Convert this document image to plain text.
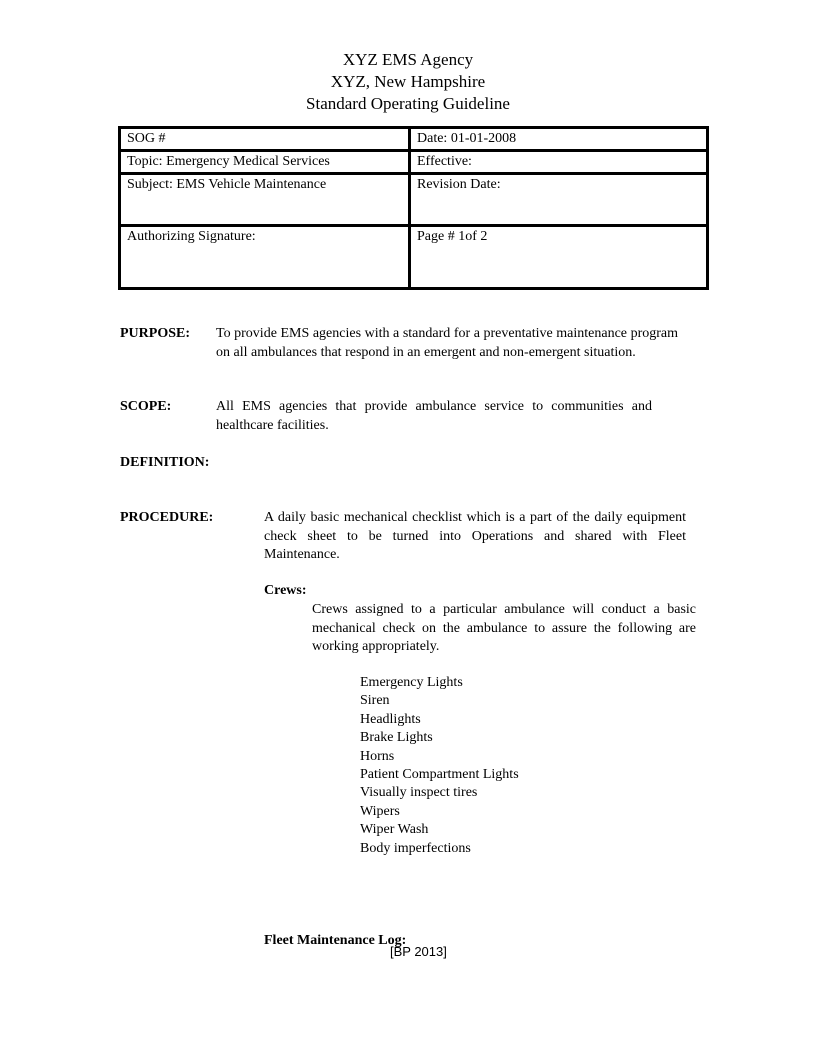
XYZ EMS Agency
XYZ, New Hampshire
Standard Operating Guideline
SOG #	Date: 01-01-2008
Topic: Emergency Medical Services	Effective:
Subject: EMS Vehicle Maintenance	Revision Date:
Authorizing Signature:	Page # 1of 2
PURPOSE: To provide EMS agencies with a standard for a preventative maintenance program on all ambulances that respond in an emergent and non-emergent situation.
SCOPE:	All EMS agencies that provide ambulance service to communities and healthcare facilities.
DEFINITION:
PROCEDURE:	A daily basic mechanical checklist which is a part of the daily equipment check sheet to be turned into Operations and shared with Fleet Maintenance.
Crews:
Crews assigned to a particular ambulance will conduct a basic mechanical check on the ambulance to assure the following are working appropriately.
Emergency Lights
Siren
Headlights
Brake Lights
Horns
Patient Compartment Lights
Visually inspect tires
Wipers
Wiper Wash
Body imperfections
Fleet Maintenance Log:
[BP 2013]
